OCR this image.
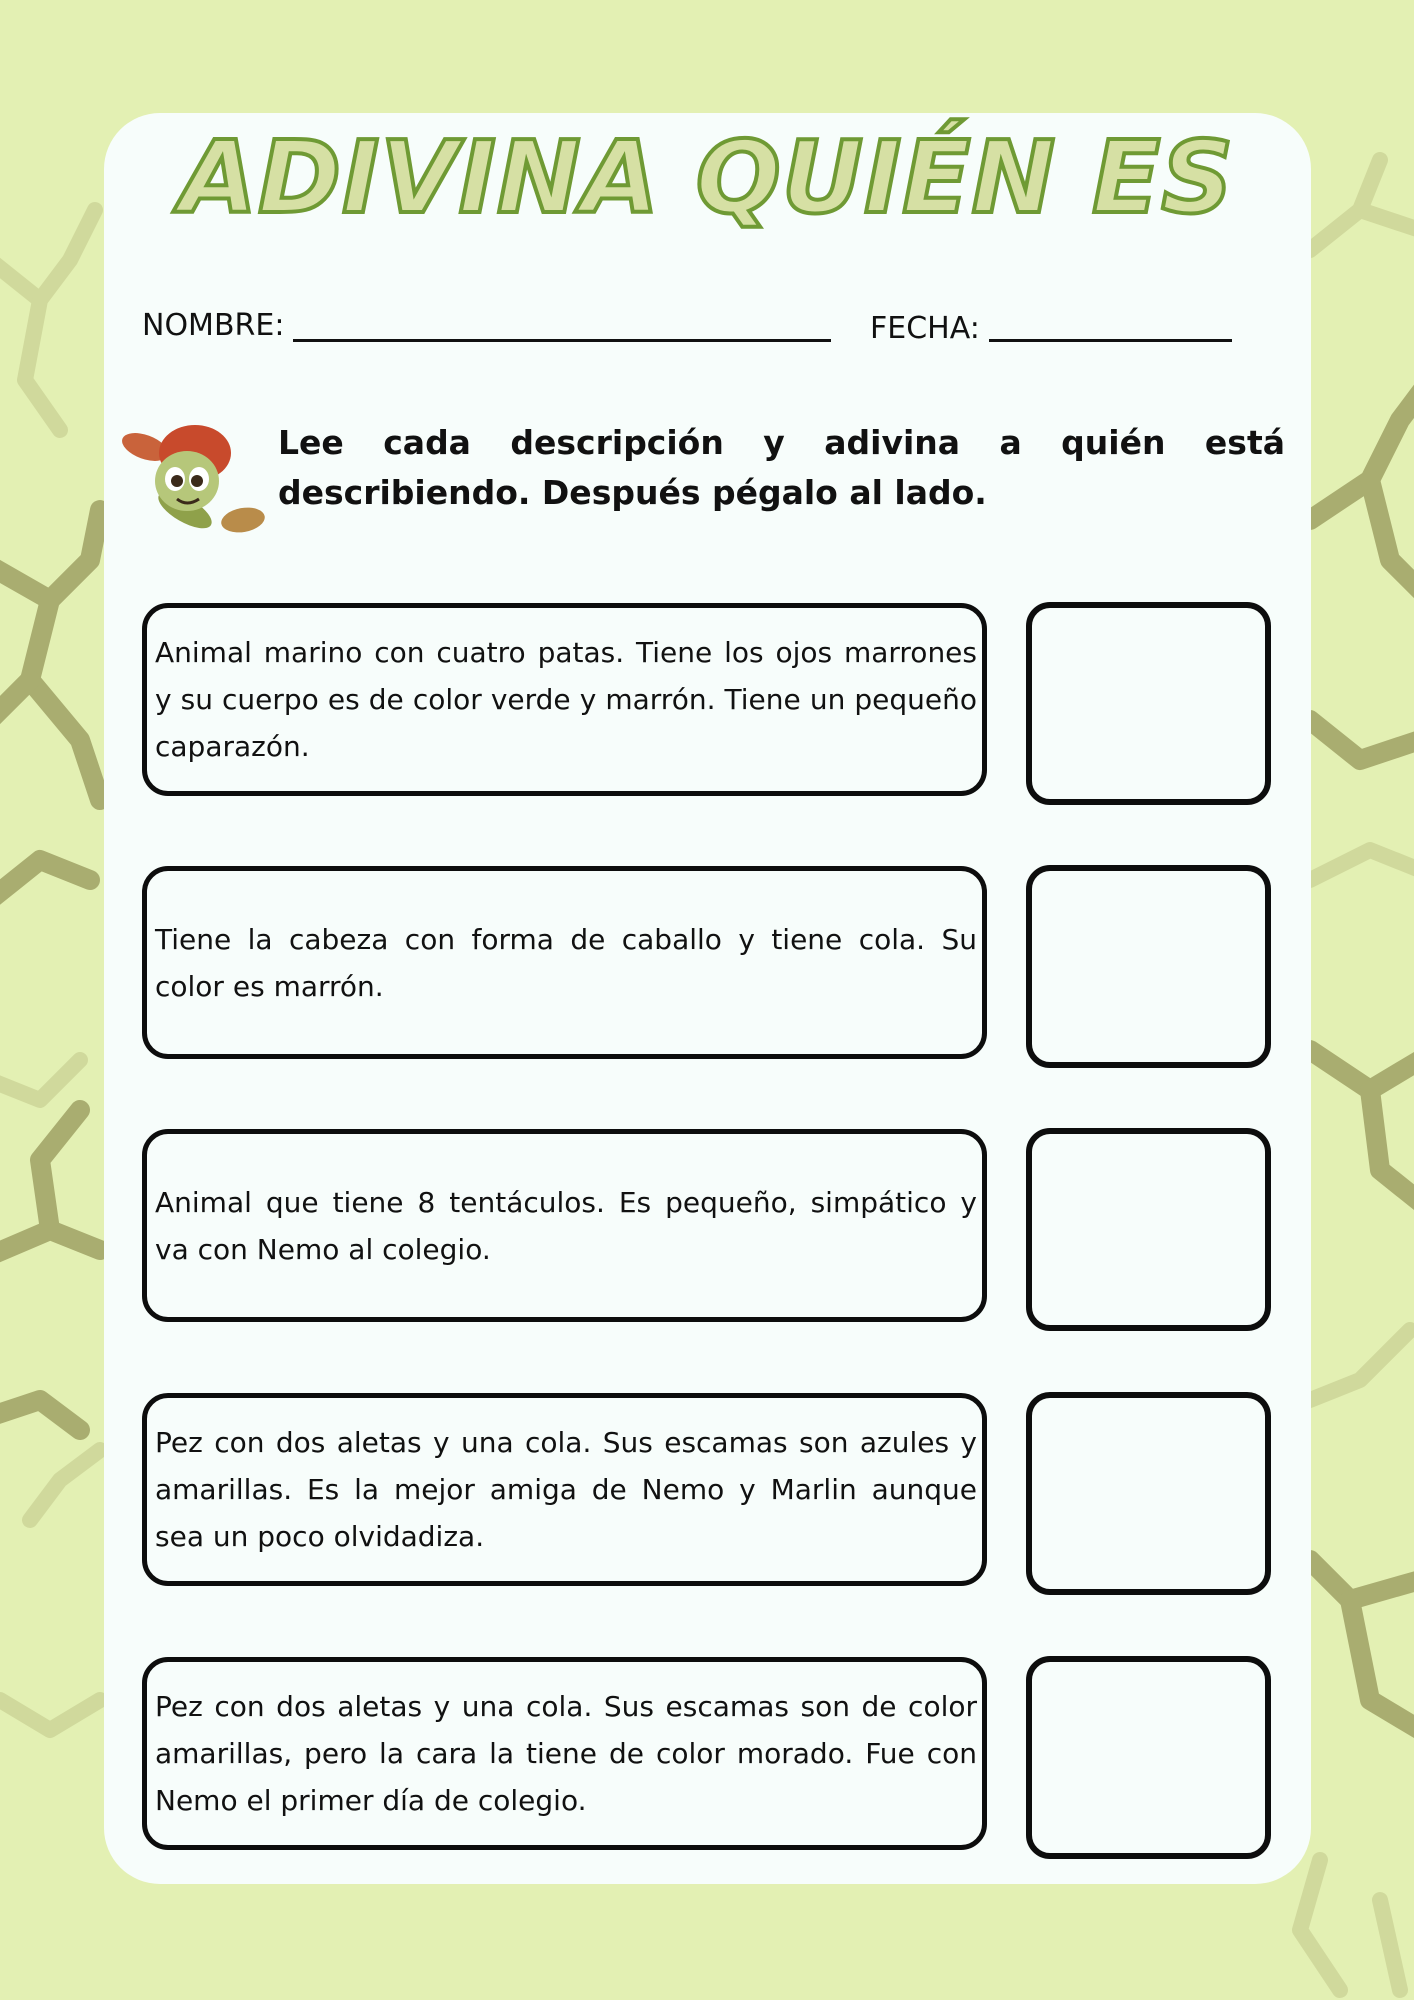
ADIVINA QUIÉN ES
NOMBRE:	FECHA:

Lee cada descripción y adivina a quién está describiendo. Después pégalo al lado.

Animal marino con cuatro patas. Tiene los ojos marrones y su cuerpo es de color verde y marrón. Tiene un pequeño caparazón.

Tiene la cabeza con forma de caballo y tiene cola. Su color es marrón.

Animal que tiene 8 tentáculos. Es pequeño, simpático y va con Nemo al colegio.

Pez con dos aletas y una cola. Sus escamas son azules y amarillas. Es la mejor amiga de Nemo y Marlin aunque sea un poco olvidadiza.

Pez con dos aletas y una cola. Sus escamas son de color amarillas, pero la cara la tiene de color morado. Fue con Nemo el primer día de colegio.
